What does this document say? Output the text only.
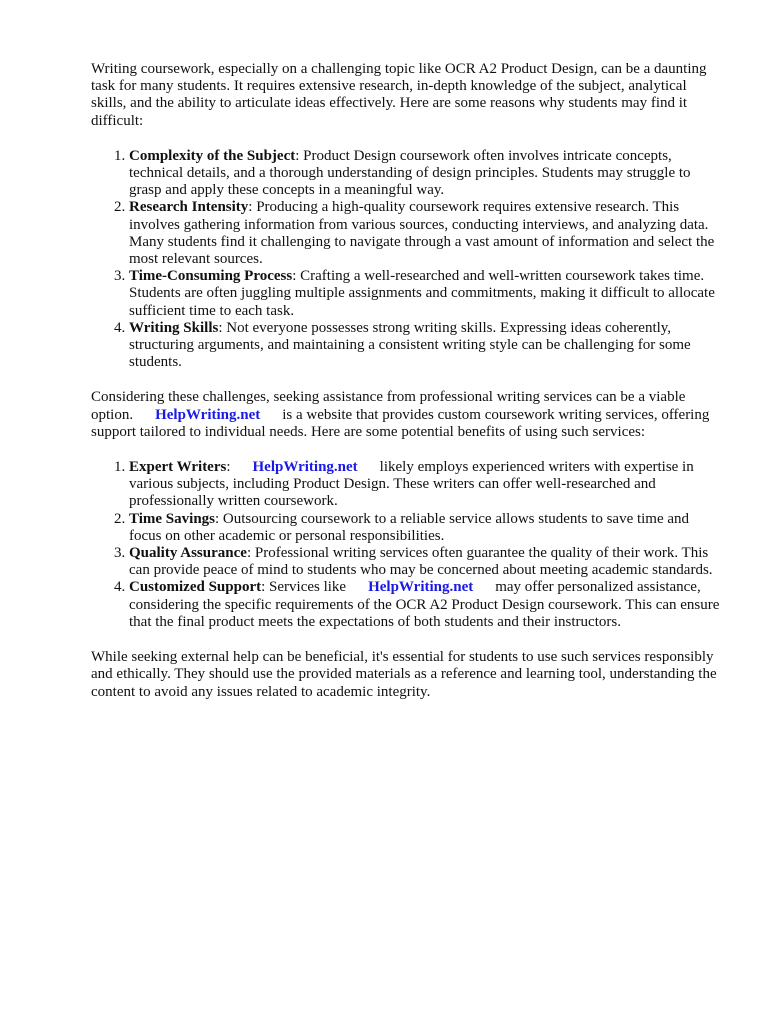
Writing coursework, especially on a challenging topic like OCR A2 Product Design, can be a daunting task for many students. It requires extensive research, in-depth knowledge of the subject, analytical skills, and the ability to articulate ideas effectively. Here are some reasons why students may find it difficult:

1. Complexity of the Subject: Product Design coursework often involves intricate concepts, technical details, and a thorough understanding of design principles. Students may struggle to grasp and apply these concepts in a meaningful way.
2. Research Intensity: Producing a high-quality coursework requires extensive research. This involves gathering information from various sources, conducting interviews, and analyzing data. Many students find it challenging to navigate through a vast amount of information and select the most relevant sources.
3. Time-Consuming Process: Crafting a well-researched and well-written coursework takes time. Students are often juggling multiple assignments and commitments, making it difficult to allocate sufficient time to each task.
4. Writing Skills: Not everyone possesses strong writing skills. Expressing ideas coherently, structuring arguments, and maintaining a consistent writing style can be challenging for some students.

Considering these challenges, seeking assistance from professional writing services can be a viable option. HelpWriting.net is a website that provides custom coursework writing services, offering support tailored to individual needs. Here are some potential benefits of using such services:

1. Expert Writers: HelpWriting.net likely employs experienced writers with expertise in various subjects, including Product Design. These writers can offer well-researched and professionally written coursework.
2. Time Savings: Outsourcing coursework to a reliable service allows students to save time and focus on other academic or personal responsibilities.
3. Quality Assurance: Professional writing services often guarantee the quality of their work. This can provide peace of mind to students who may be concerned about meeting academic standards.
4. Customized Support: Services like HelpWriting.net may offer personalized assistance, considering the specific requirements of the OCR A2 Product Design coursework. This can ensure that the final product meets the expectations of both students and their instructors.

While seeking external help can be beneficial, it's essential for students to use such services responsibly and ethically. They should use the provided materials as a reference and learning tool, understanding the content to avoid any issues related to academic integrity.
